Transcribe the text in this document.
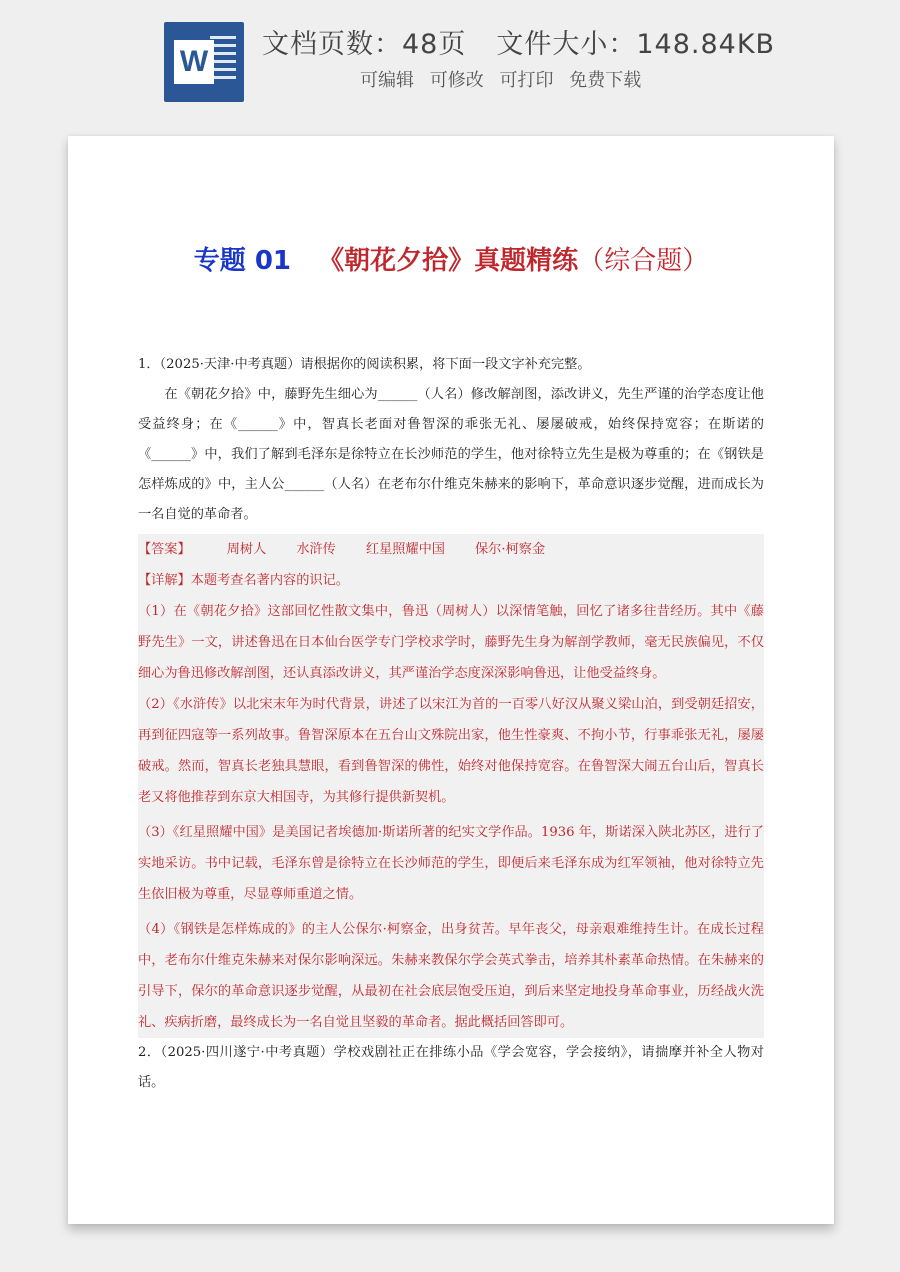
W
文档页数：48页 文件大小：148.84KB
可编辑 可修改 可打印 免费下载
专题 01 《朝花夕拾》真题精练（综合题）

1．（2025·天津·中考真题）请根据你的阅读积累，将下面一段文字补充完整。

在《朝花夕拾》中，藤野先生细心为______（人名）修改解剖图，添改讲义，先生严谨的治学态度让他受益终身；在《______》中，智真长老面对鲁智深的乖张无礼、屡屡破戒，始终保持宽容；在斯诺的《______》中，我们了解到毛泽东是徐特立在长沙师范的学生，他对徐特立先生是极为尊重的；在《钢铁是怎样炼成的》中，主人公______（人名）在老布尔什维克朱赫来的影响下，革命意识逐步觉醒，进而成长为一名自觉的革命者。

【答案】	周树人 水浒传 红星照耀中国 保尔·柯察金

【详解】本题考查名著内容的识记。

（1）在《朝花夕拾》这部回忆性散文集中，鲁迅（周树人）以深情笔触，回忆了诸多往昔经历。其中《藤野先生》一文，讲述鲁迅在日本仙台医学专门学校求学时，藤野先生身为解剖学教师，毫无民族偏见，不仅细心为鲁迅修改解剖图，还认真添改讲义，其严谨治学态度深深影响鲁迅，让他受益终身。

（2）《水浒传》以北宋末年为时代背景，讲述了以宋江为首的一百零八好汉从聚义梁山泊，到受朝廷招安，再到征四寇等一系列故事。鲁智深原本在五台山文殊院出家，他生性豪爽、不拘小节，行事乖张无礼，屡屡破戒。然而，智真长老独具慧眼，看到鲁智深的佛性，始终对他保持宽容。在鲁智深大闹五台山后，智真长老又将他推荐到东京大相国寺，为其修行提供新契机。

（3）《红星照耀中国》是美国记者埃德加·斯诺所著的纪实文学作品。1936 年，斯诺深入陕北苏区，进行了实地采访。书中记载，毛泽东曾是徐特立在长沙师范的学生，即便后来毛泽东成为红军领袖，他对徐特立先生依旧极为尊重，尽显尊师重道之情。

（4）《钢铁是怎样炼成的》的主人公保尔·柯察金，出身贫苦。早年丧父，母亲艰难维持生计。在成长过程中，老布尔什维克朱赫来对保尔影响深远。朱赫来教保尔学会英式拳击，培养其朴素革命热情。在朱赫来的引导下，保尔的革命意识逐步觉醒，从最初在社会底层饱受压迫，到后来坚定地投身革命事业，历经战火洗礼、疾病折磨，最终成长为一名自觉且坚毅的革命者。据此概括回答即可。

2．（2025·四川遂宁·中考真题）学校戏剧社正在排练小品《学会宽容，学会接纳》，请揣摩并补全人物对话。
